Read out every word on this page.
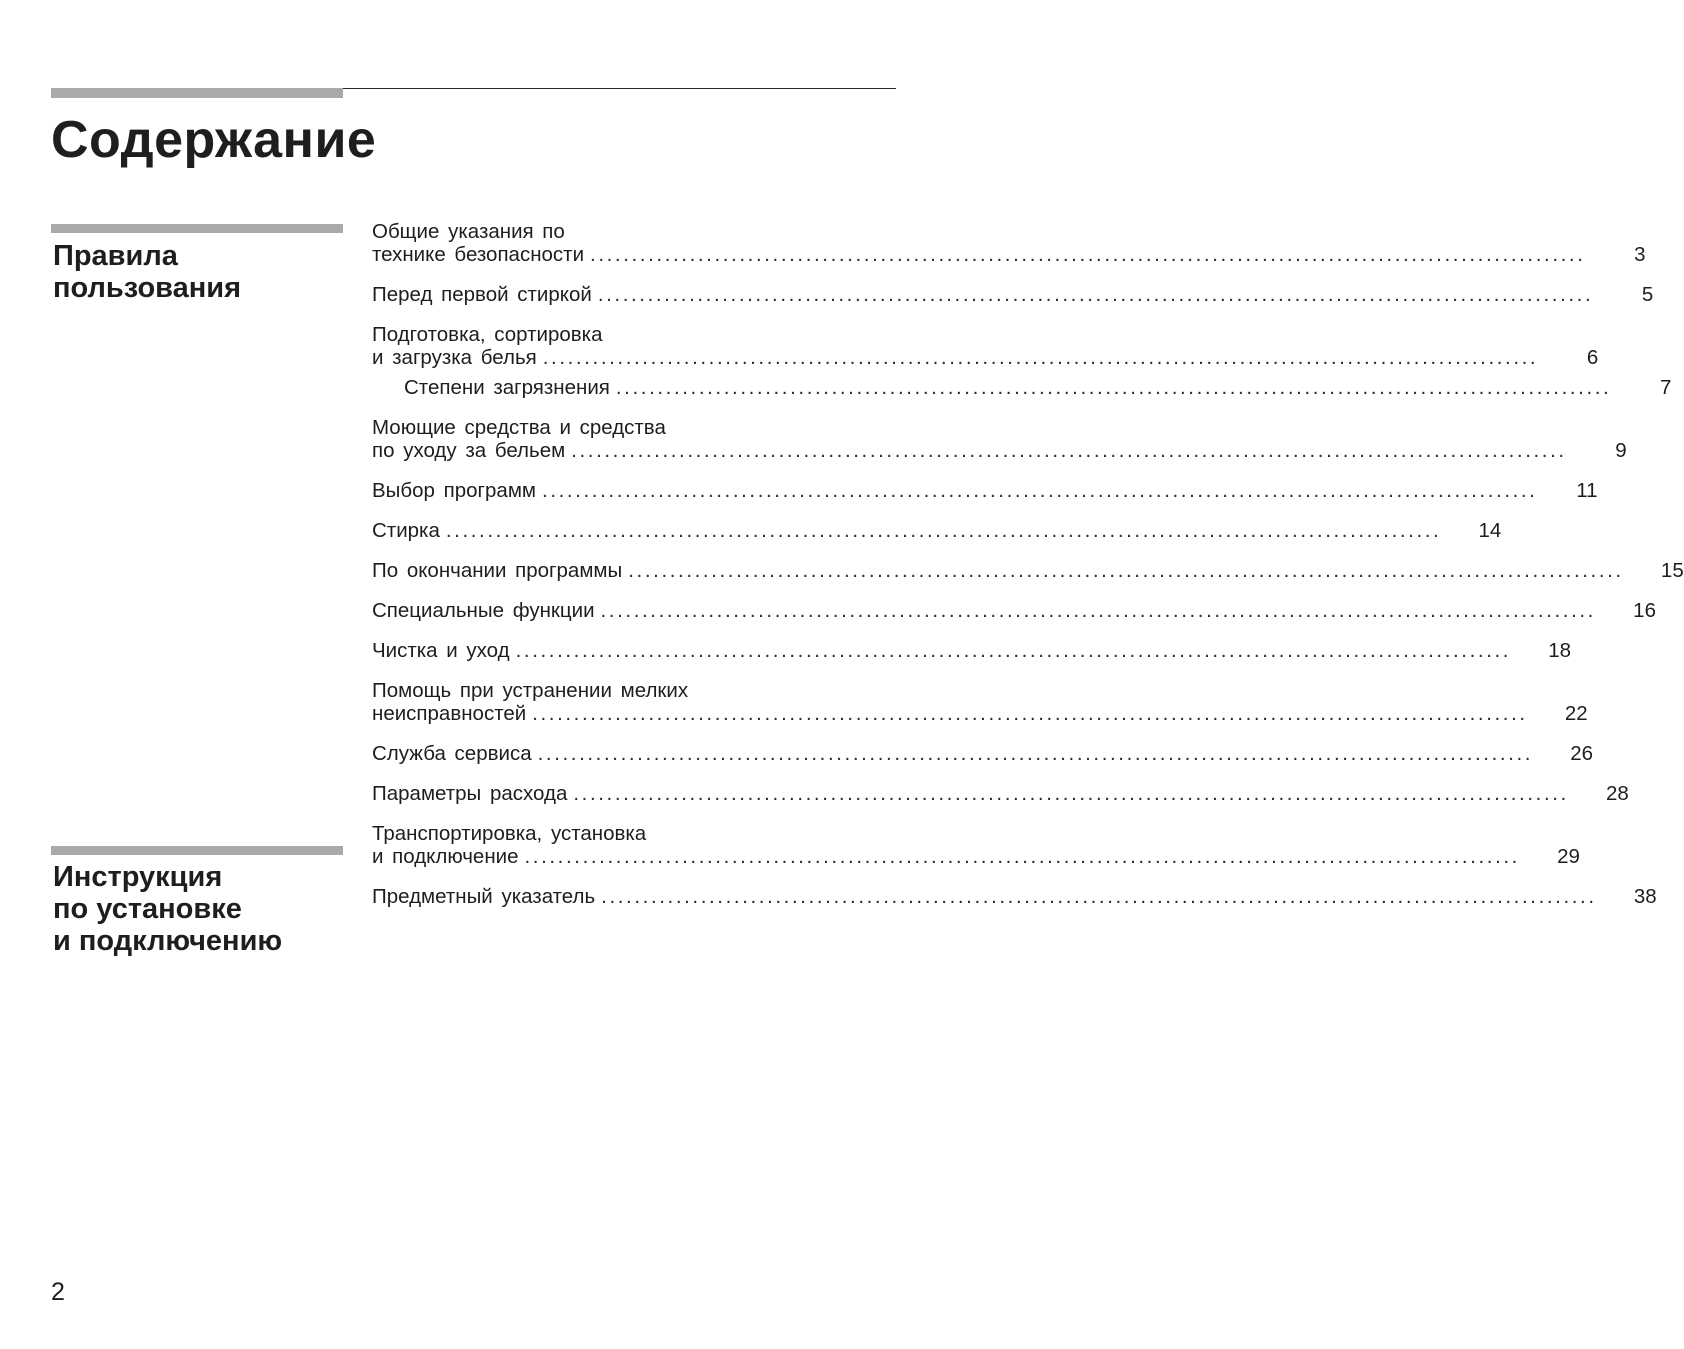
Содержание
Правила
пользования
Инструкция
по установке
и подключению
Общие указания по
технике безопасности ........................................................................................................................	3
Перед первой стиркой ........................................................................................................................	5
Подготовка, сортировка
и загрузка белья ........................................................................................................................	6
Степени загрязнения ........................................................................................................................	7
Моющие средства и средства
по уходу за бельем ........................................................................................................................	9
Выбор программ ........................................................................................................................	11
Стирка ........................................................................................................................	14
По окончании программы ........................................................................................................................	15
Специальные функции ........................................................................................................................	16
Чистка и уход ........................................................................................................................	18
Помощь при устранении мелких
неисправностей ........................................................................................................................	22
Служба сервиса ........................................................................................................................	26
Параметры расхода ........................................................................................................................	28
Транспортировка, установка
и подключение ........................................................................................................................	29
Предметный указатель ........................................................................................................................	38

2
